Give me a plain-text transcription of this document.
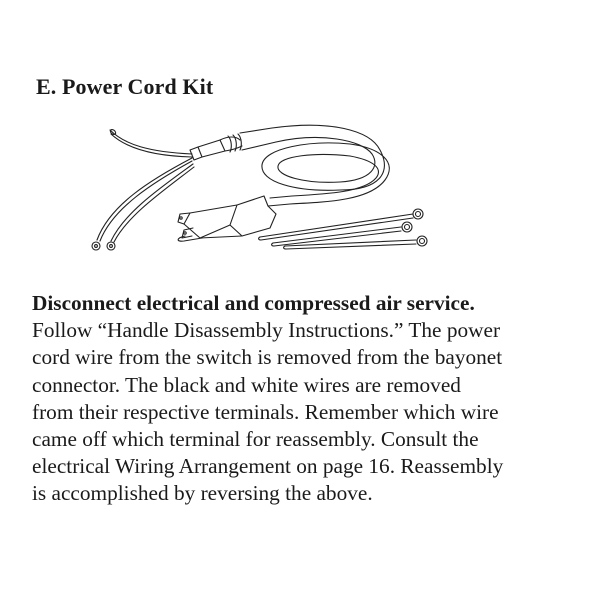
E. Power Cord Kit
Disconnect electrical and compressed air service.
Follow “Handle Disassembly Instructions.” The power
cord wire from the switch is removed from the bayonet
connector. The black and white wires are removed
from their respective terminals. Remember which wire
came off which terminal for reassembly. Consult the
electrical Wiring Arrangement on page 16. Reassembly
is accomplished by reversing the above.
